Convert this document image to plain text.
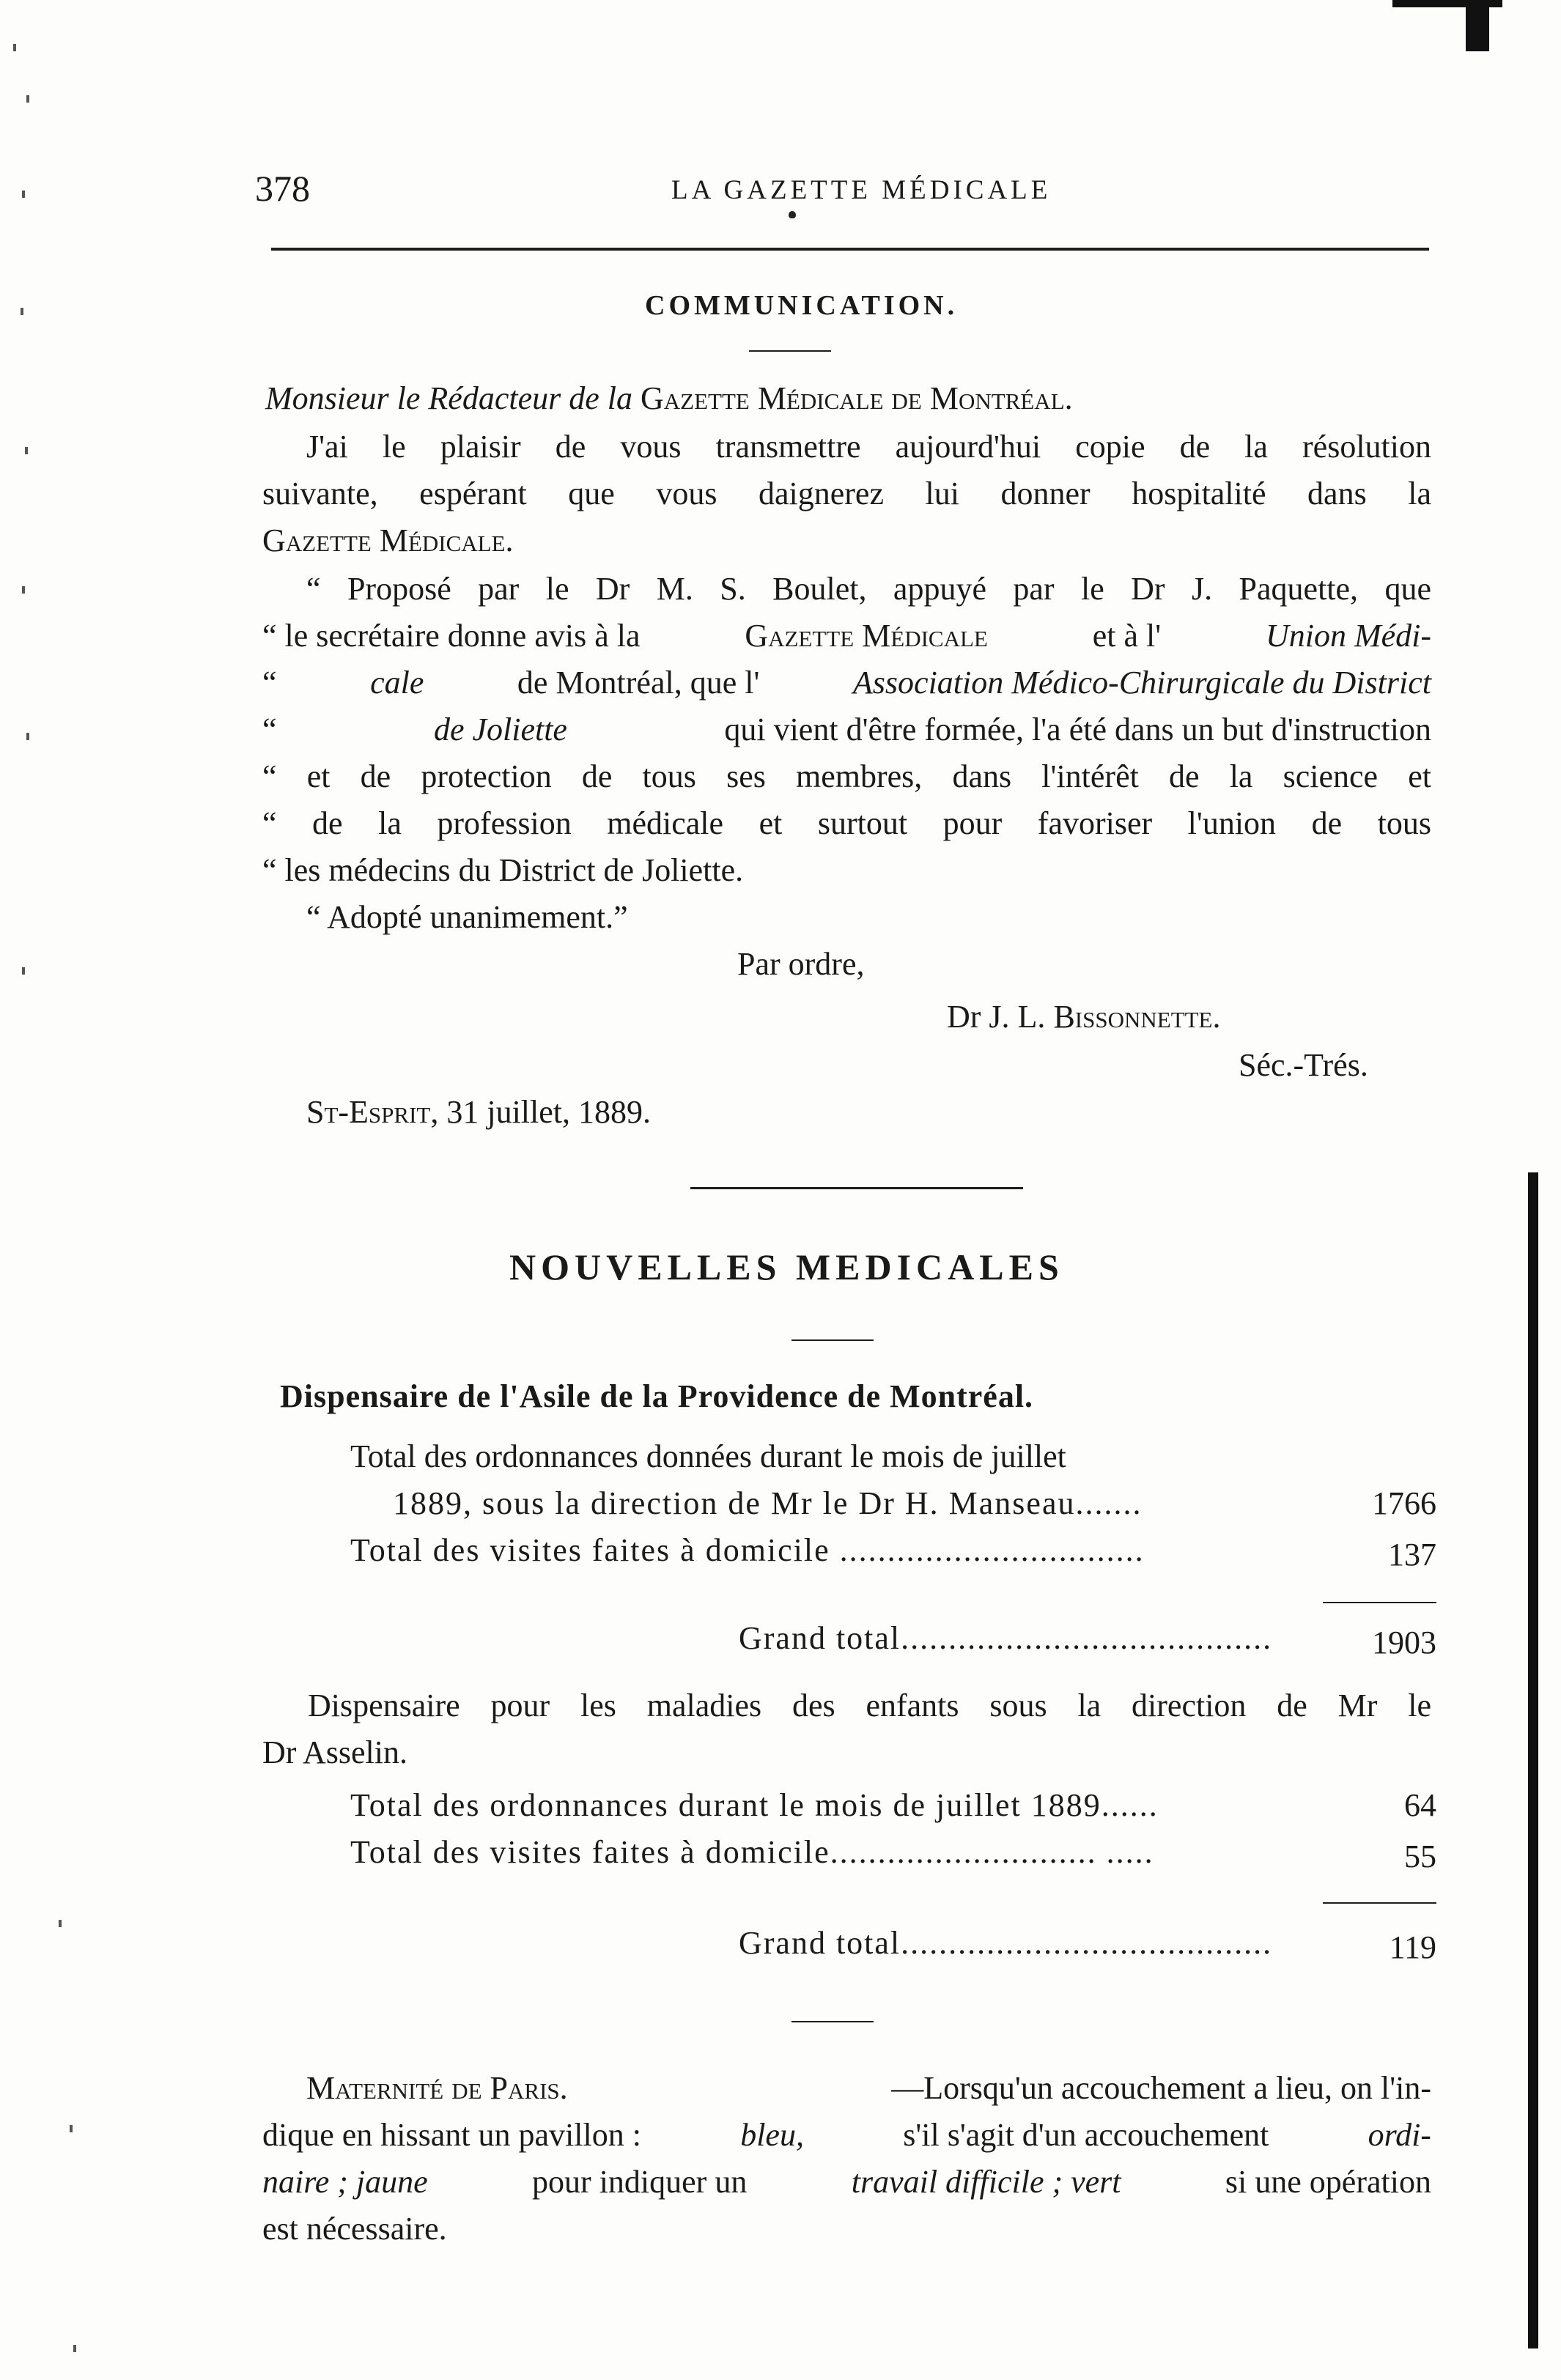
378	LA GAZETTE MÉDICALE
COMMUNICATION.
Monsieur le Rédacteur de la Gazette Médicale de Montréal.
J'ai le plaisir de vous transmettre aujourd'hui copie de la résolution
suivante, espérant que vous daignerez lui donner hospitalité dans la
Gazette Médicale.
“ Proposé par le Dr M. S. Boulet, appuyé par le Dr J. Paquette, que
“ le secrétaire donne avis à la	Gazette Médicale	et à l'	Union Médi-
“	cale	de Montréal, que l'	Association Médico-Chirurgicale du District
“	de Joliette	qui vient d'être formée, l'a été dans un but d'instruction
“ et de protection de tous ses membres, dans l'intérêt de la science et
“ de la profession médicale et surtout pour favoriser l'union de tous
“ les médecins du District de Joliette.
“ Adopté unanimement.”
Par ordre,
Dr J. L. Bissonnette.
Séc.-Trés.
St-Esprit, 31 juillet, 1889.
NOUVELLES MEDICALES
Dispensaire de l'Asile de la Providence de Montréal.
Total des ordonnances données durant le mois de juillet
1889, sous la direction de Mr le Dr H. Manseau.......	1766
Total des visites faites à domicile ................................	137
Grand total.......................................	1903
Dispensaire pour les maladies des enfants sous la direction de Mr le
Dr Asselin.
Total des ordonnances durant le mois de juillet 1889......	64
Total des visites faites à domicile............................ .....	55
Grand total.......................................	119
Maternité de Paris.	—Lorsqu'un accouchement a lieu, on l'in-
dique en hissant un pavillon :	bleu,	s'il s'agit d'un accouchement	ordi-
naire ; jaune	pour indiquer un	travail difficile ; vert	si une opération
est nécessaire.
